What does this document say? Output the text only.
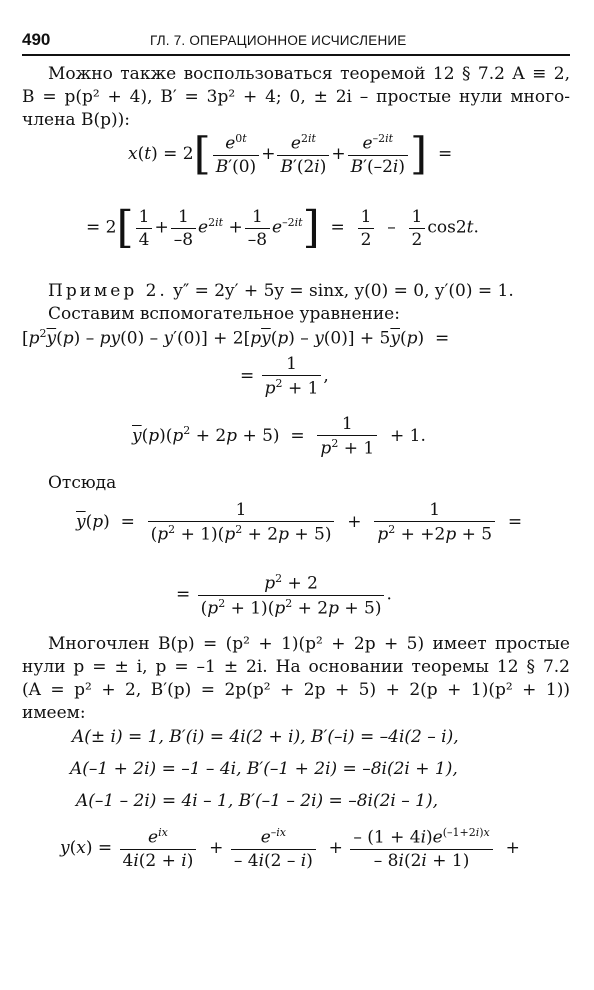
490	ГЛ. 7. ОПЕРАЦИОННОЕ ИСЧИСЛЕНИЕ
Можно также воспользоваться теоремой 12 § 7.2 A ≡ 2,
B = p(p² + 4), B′ = 3p² + 4; 0, ± 2i – простые нули много-
члена B(p)):
$x(t) = 2[ \frac{e^{0t}}{B'(0)} + \frac{e^{2it}}{B'(2i)} + \frac{e^{-2it}}{B'(-2i)}$ ]  =
= $2[ \frac{1}{4} + \frac{1}{-8} e^{2it} + \frac{1}{-8} e^{-2it}] = \frac{1}{2} - \frac{1}{2} \cos 2t$.
Пример 2. y″ = 2y′ + 5y = sinx, y(0) = 0, y′(0) = 1.
Составим вспомогательное уравнение:
$[p^2\overline{y}(p) - py(0) - y'(0)] + 2[p\overline{y}(p) - y(0)] + 5\overline{y}(p)$  =
= $\frac{1}{p^2 + 1}$ ,
$\overline{y}(p)(p^2 + 2p + 5) = \frac{1}{p^2 + 1} + 1$.
Отсюда
$\overline{y}(p) = \frac{1}{(p^2 + 1)(p^2 + 2p + 5)} + \frac{1}{p^2 + +2p + 5}$ =
= $\frac{p^2 + 2}{(p^2 + 1)(p^2 + 2p + 5)}$ .
Многочлен B(p) = (p² + 1)(p² + 2p + 5) имеет простые
нули p = ± i, p = –1 ± 2i. На основании теоремы 12 § 7.2
(A = p² + 2, B′(p) = 2p(p² + 2p + 5) + 2(p + 1)(p² + 1))
имеем:
A(± i) = 1, B′(i) = 4i(2 + i), B′(–i) = –4i(2 – i),
A(–1 + 2i) = –1 – 4i, B′(–1 + 2i) = –8i(2i + 1),
A(–1 – 2i) = 4i – 1, B′(–1 – 2i) = –8i(2i – 1),
$y(x) = \frac{e^{ix}}{4i(2 + i)} + \frac{e^{-ix}}{- 4i(2 - i)} + \frac{- (1 + 4i)e^{(-1+2i)x}}{- 8i(2i + 1)}$ +
